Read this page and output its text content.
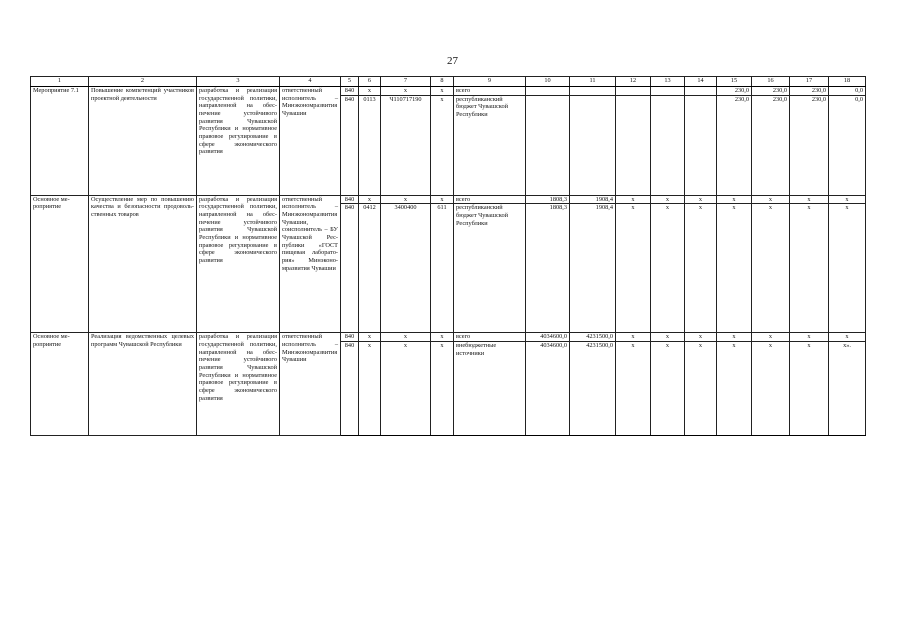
27
1	2	3	4	5	6	7	8	9	10	11	12	13	14	15	16	17	18
Мероприятие 7.1	Повышение компетенций участников проектной деятельности	разработка и реализация государственной политики, направленной на обеспечение устойчивого развития Чувашской Республики и нормативное правовое регулирование в сфере экономического развития	ответственный исполнитель – Минэкономразвития Чувашии	840	x	x	x	всего						230,0	230,0	230,0	0,0
				840	0113	Ч110717190	x	республиканский бюджет Чувашской Республики						230,0	230,0	230,0	0,0
Основное мероприятие	Осуществление мер по повышению качества и безопасности продовольственных товаров	разработка и реализация государственной политики, направленной на обеспечение устойчивого развития Чувашской Республики и нормативное правовое регулирование в сфере экономического развития	ответственный исполнитель – Минэкономразвития Чувашии, соисполнитель – БУ Чувашской Республики «ГОСТ пищевая лаборатория» Минэкономразвития Чувашии	840	x	x	x	всего	1808,3	1908,4	x	x	x	x	x	x	x
				840	0412	3400400	611	республиканский бюджет Чувашской Республики	1808,3	1908,4	x	x	x	x	x	x	x
Основное мероприятие	Реализация ведомственных целевых программ Чувашской Республики	разработка и реализация государственной политики, направленной на обеспечение устойчивого развития Чувашской Республики и нормативное правовое регулирование в сфере экономического развития	ответственный исполнитель – Минэкономразвития Чувашии	840	x	x	x	всего	4034600,0	4231500,0	x	x	x	x	x	x	x
				840	x	x	x	внебюджетные источники	4034600,0	4231500,0	x	x	x	x	x	x	x».
